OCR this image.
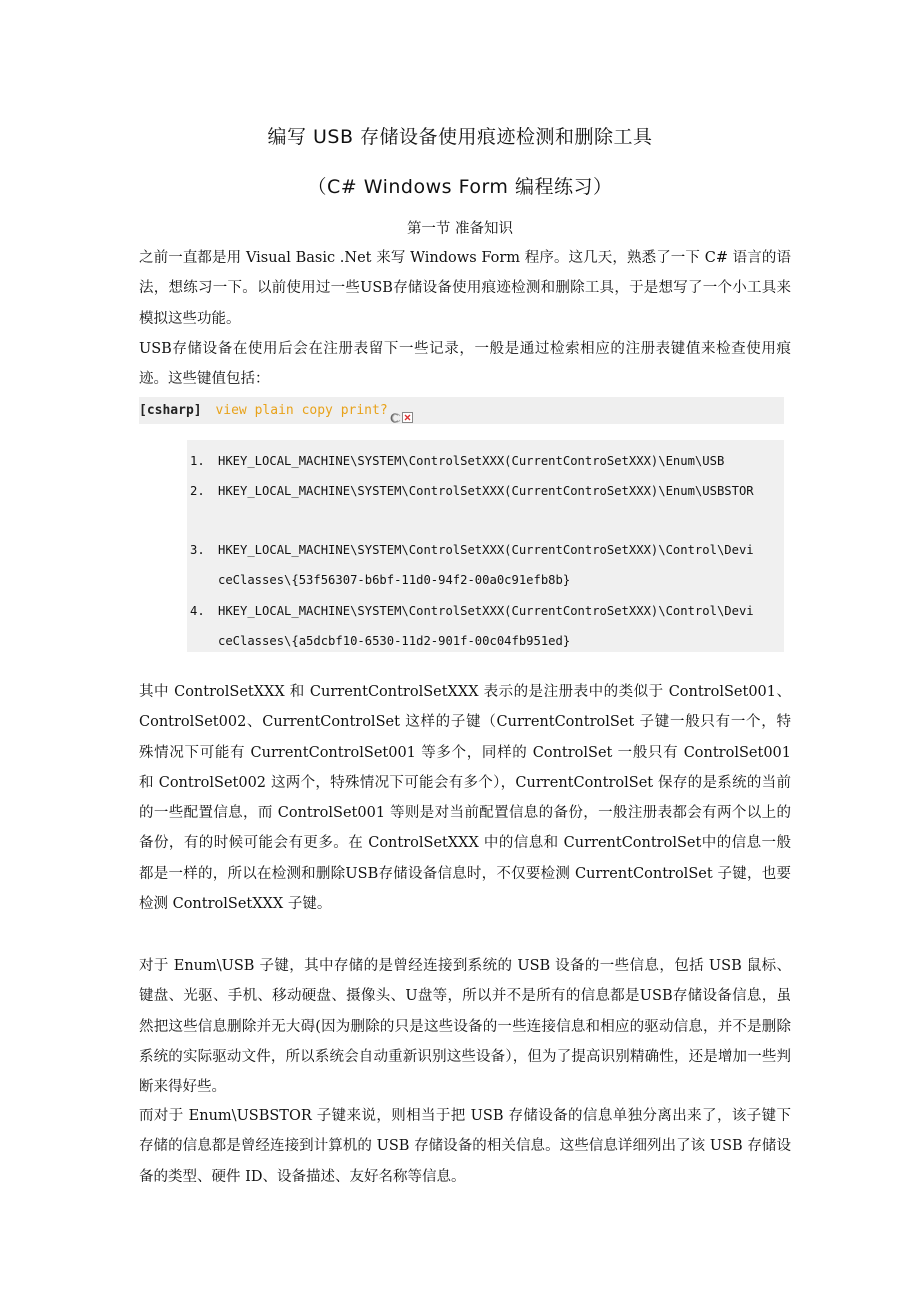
编写 USB 存储设备使用痕迹检测和删除工具
（C# Windows Form 编程练习）
第一节 准备知识
之前一直都是用 Visual Basic .Net 来写 Windows Form 程序。这几天，熟悉了一下 C# 语言的语法，想练习一下。以前使用过一些USB存储设备使用痕迹检测和删除工具，于是想写了一个小工具来模拟这些功能。
USB存储设备在使用后会在注册表留下一些记录，一般是通过检索相应的注册表键值来检查使用痕迹。这些键值包括：
[csharp] view plain copy print?
1.	HKEY_LOCAL_MACHINE\SYSTEM\ControlSetXXX(CurrentControSetXXX)\Enum\USB
2.	HKEY_LOCAL_MACHINE\SYSTEM\ControlSetXXX(CurrentControSetXXX)\Enum\USBSTOR
3.	HKEY_LOCAL_MACHINE\SYSTEM\ControlSetXXX(CurrentControSetXXX)\Control\Devi
ceClasses\{53f56307-b6bf-11d0-94f2-00a0c91efb8b}
4.	HKEY_LOCAL_MACHINE\SYSTEM\ControlSetXXX(CurrentControSetXXX)\Control\Devi
ceClasses\{a5dcbf10-6530-11d2-901f-00c04fb951ed}
其中 ControlSetXXX 和 CurrentControlSetXXX 表示的是注册表中的类似于 ControlSet001、ControlSet002、CurrentControlSet 这样的子键（CurrentControlSet 子键一般只有一个，特殊情况下可能有 CurrentControlSet001 等多个，同样的 ControlSet 一般只有 ControlSet001 和 ControlSet002 这两个，特殊情况下可能会有多个），CurrentControlSet 保存的是系统的当前的一些配置信息，而 ControlSet001 等则是对当前配置信息的备份，一般注册表都会有两个以上的备份，有的时候可能会有更多。在 ControlSetXXX 中的信息和 CurrentControlSet中的信息一般都是一样的，所以在检测和删除USB存储设备信息时，不仅要检测 CurrentControlSet 子键，也要检测 ControlSetXXX 子键。
对于 Enum\USB 子键，其中存储的是曾经连接到系统的 USB 设备的一些信息，包括 USB 鼠标、键盘、光驱、手机、移动硬盘、摄像头、U盘等，所以并不是所有的信息都是USB存储设备信息，虽然把这些信息删除并无大碍(因为删除的只是这些设备的一些连接信息和相应的驱动信息，并不是删除系统的实际驱动文件，所以系统会自动重新识别这些设备），但为了提高识别精确性，还是增加一些判断来得好些。
而对于 Enum\USBSTOR 子键来说，则相当于把 USB 存储设备的信息单独分离出来了，该子键下存储的信息都是曾经连接到计算机的 USB 存储设备的相关信息。这些信息详细列出了该 USB 存储设备的类型、硬件 ID、设备描述、友好名称等信息。
